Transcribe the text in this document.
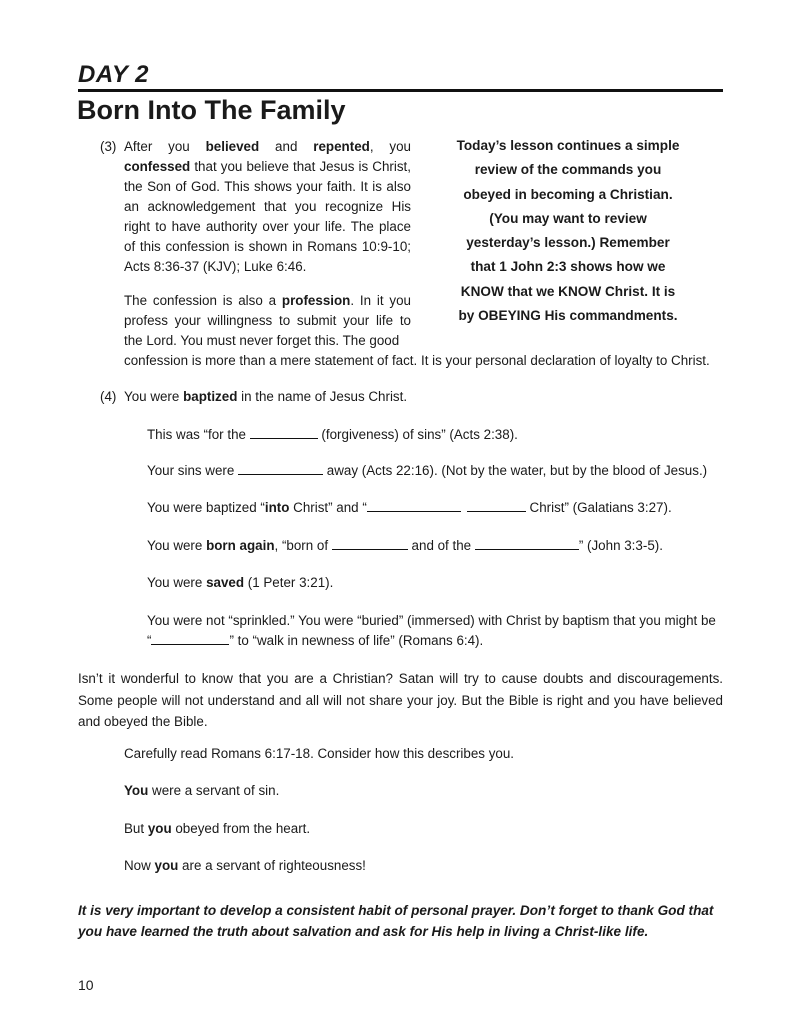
DAY 2
Born Into The Family
Today’s lesson continues a simple
review of the commands you
obeyed in becoming a Christian.
(You may want to review
yesterday’s lesson.) Remember
that 1 John 2:3 shows how we
KNOW that we KNOW Christ. It is
by OBEYING His commandments.
(3) After you believed and repented, you confessed that you believe that Jesus is Christ, the Son of God. This shows your faith. It is also an acknowledgement that you recognize His right to have authority over your life. The place of this confession is shown in Romans 10:9-10; Acts 8:36-37 (KJV); Luke 6:46.

The confession is also a profession. In it you profess your willingness to submit your life to the Lord. You must never forget this. The good

confession is more than a mere statement of fact. It is your personal declaration of loyalty to Christ.
(4) You were baptized in the name of Jesus Christ.
This was “for the	(forgiveness) of sins” (Acts 2:38).
Your sins were	away (Acts 22:16). (Not by the water, but by the blood of Jesus.)
You were baptized “into Christ” and “	Christ” (Galatians 3:27).
You were born again, “born of	and of the	” (John 3:3-5).
You were saved (1 Peter 3:21).
You were not “sprinkled.” You were “buried” (immersed) with Christ by baptism that you might be
“	” to “walk in newness of life” (Romans 6:4).

Isn’t it wonderful to know that you are a Christian? Satan will try to cause doubts and discouragements. Some people will not understand and all will not share your joy. But the Bible is right and you have believed and obeyed the Bible.

Carefully read Romans 6:17-18. Consider how this describes you.
You were a servant of sin.
But you obeyed from the heart.
Now you are a servant of righteousness!

It is very important to develop a consistent habit of personal prayer. Don’t forget to thank God that you have learned the truth about salvation and ask for His help in living a Christ-like life.

10
